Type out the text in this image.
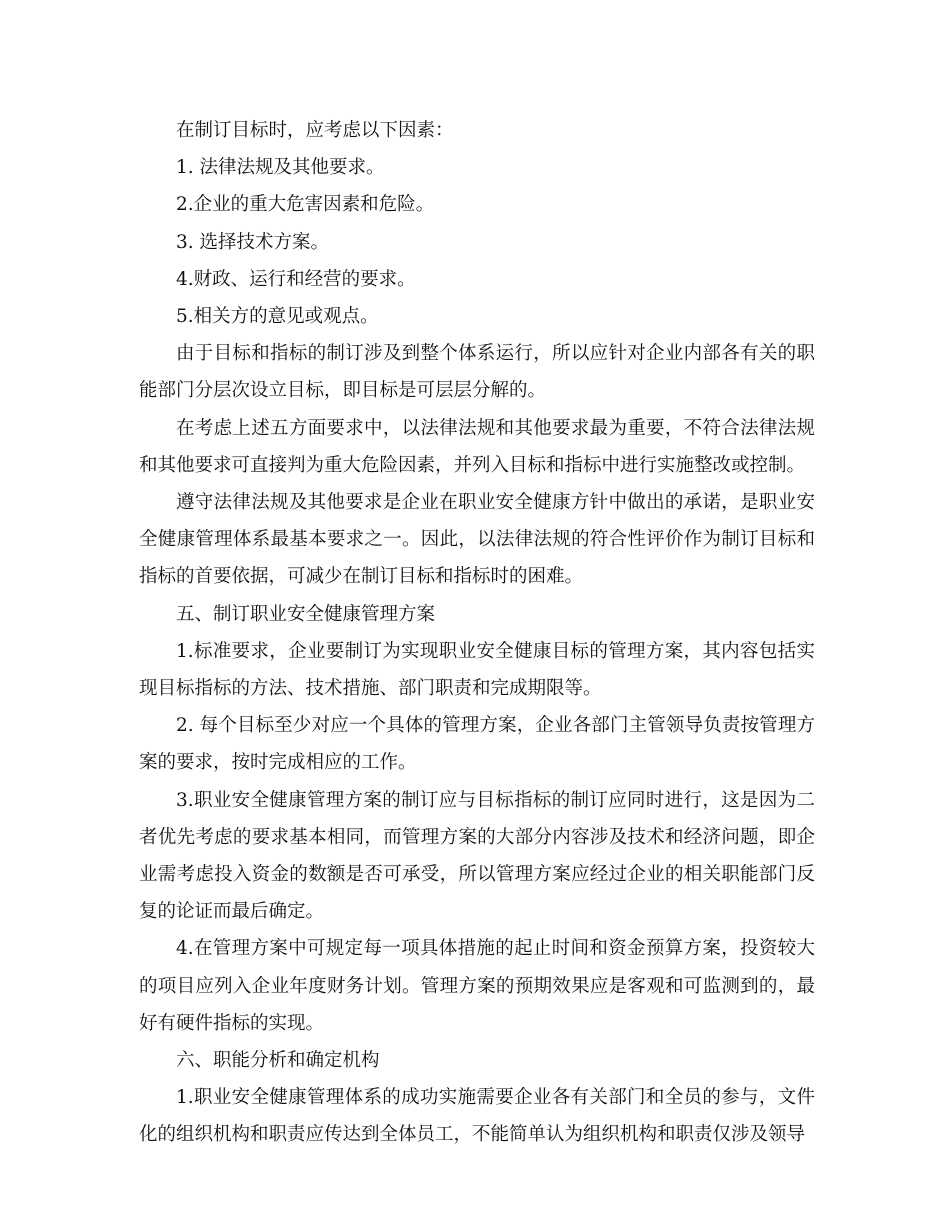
在制订目标时，应考虑以下因素：

1. 法律法规及其他要求。

2.企业的重大危害因素和危险。

3. 选择技术方案。

4.财政、运行和经营的要求。

5.相关方的意见或观点。

由于目标和指标的制订涉及到整个体系运行，所以应针对企业内部各有关的职能部门分层次设立目标，即目标是可层层分解的。

在考虑上述五方面要求中，以法律法规和其他要求最为重要，不符合法律法规和其他要求可直接判为重大危险因素，并列入目标和指标中进行实施整改或控制。

遵守法律法规及其他要求是企业在职业安全健康方针中做出的承诺，是职业安全健康管理体系最基本要求之一。因此，以法律法规的符合性评价作为制订目标和指标的首要依据，可减少在制订目标和指标时的困难。

五、制订职业安全健康管理方案

1.标准要求，企业要制订为实现职业安全健康目标的管理方案，其内容包括实现目标指标的方法、技术措施、部门职责和完成期限等。

2. 每个目标至少对应一个具体的管理方案，企业各部门主管领导负责按管理方案的要求，按时完成相应的工作。

3.职业安全健康管理方案的制订应与目标指标的制订应同时进行，这是因为二者优先考虑的要求基本相同，而管理方案的大部分内容涉及技术和经济问题，即企业需考虑投入资金的数额是否可承受，所以管理方案应经过企业的相关职能部门反复的论证而最后确定。

4.在管理方案中可规定每一项具体措施的起止时间和资金预算方案，投资较大的项目应列入企业年度财务计划。管理方案的预期效果应是客观和可监测到的，最好有硬件指标的实现。

六、职能分析和确定机构

1.职业安全健康管理体系的成功实施需要企业各有关部门和全员的参与，文件化的组织机构和职责应传达到全体员工，不能简单认为组织机构和职责仅涉及领导
